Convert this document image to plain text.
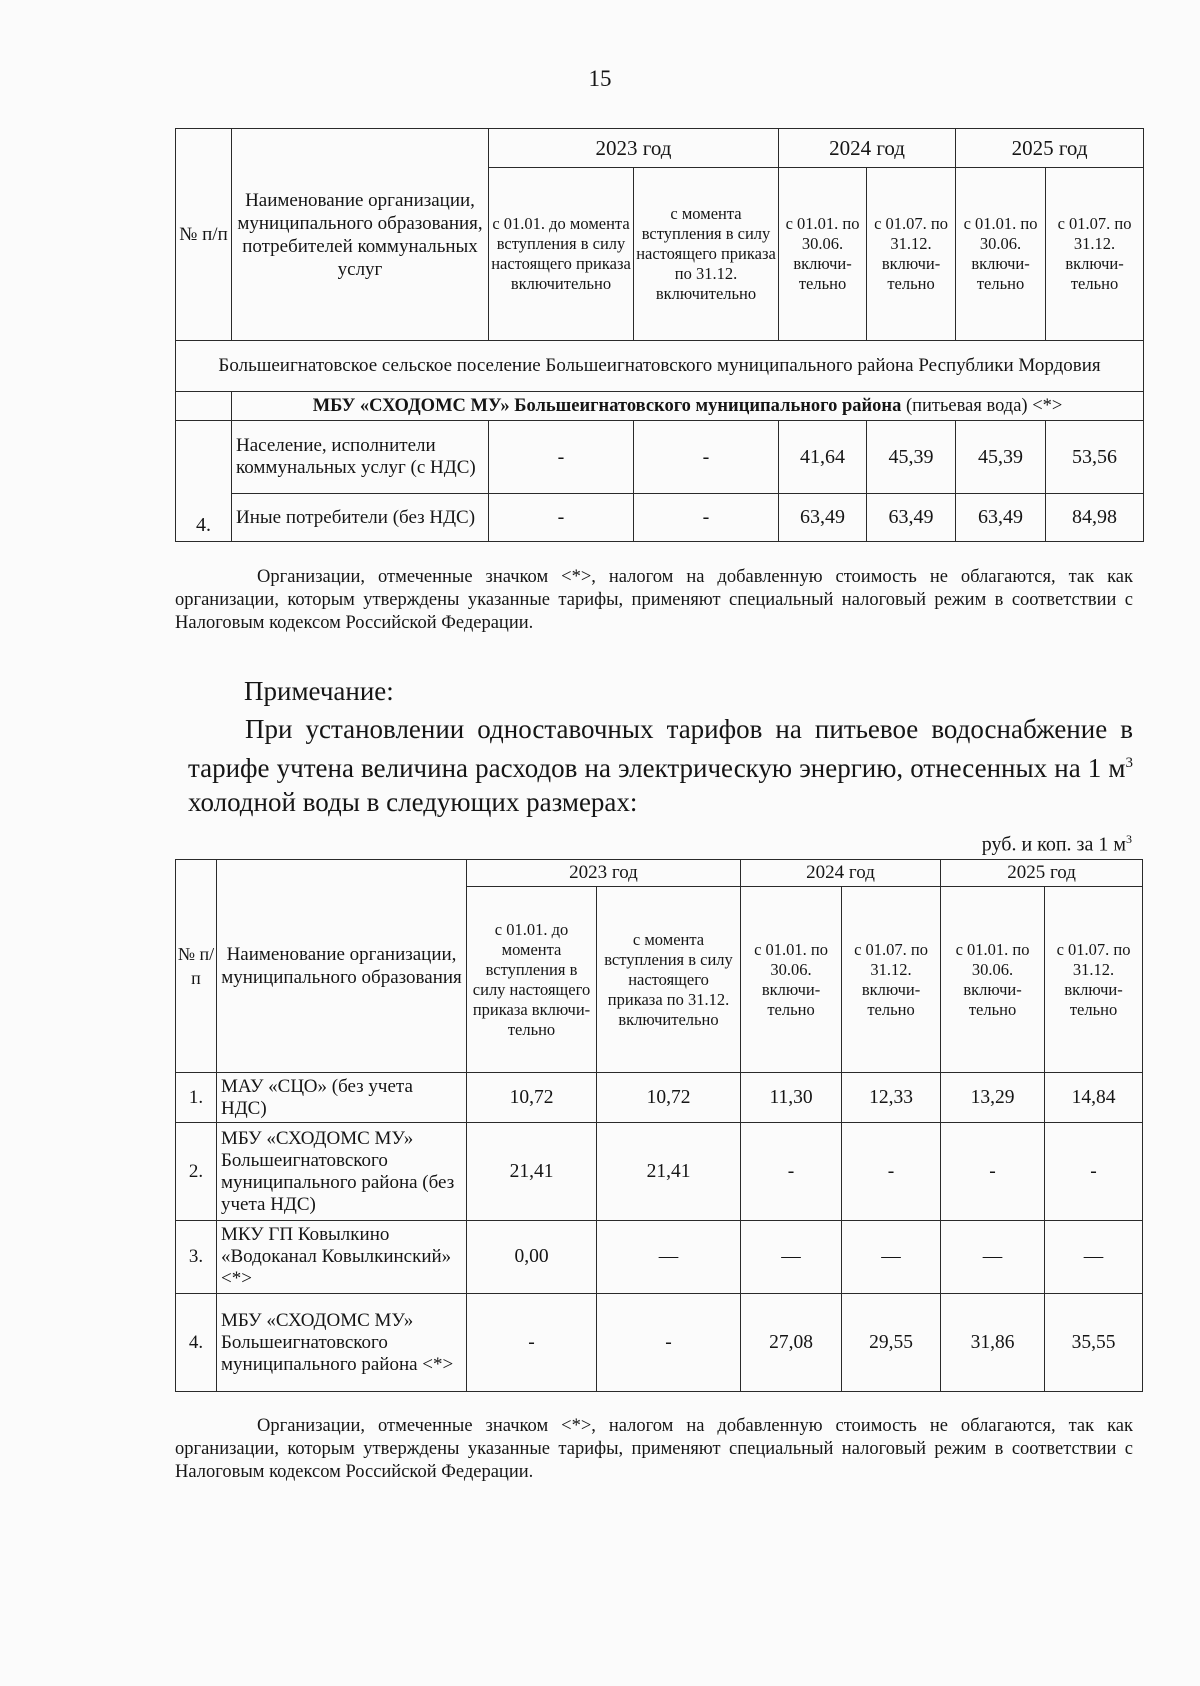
15
№ п/п	Наименование организации, муниципального образования, потребителей коммунальных услуг	2023 год		2024 год		2025 год	
		с 01.01. до момента вступления в силу настоящего приказа включительно	с момента вступления в силу настоящего приказа по 31.12. включительно	с 01.01. по 30.06. включи-тельно	с 01.07. по 31.12. включи-тельно	с 01.01. по 30.06. включи-тельно	с 01.07. по 31.12. включи-тельно
Большеигнатовское сельское поселение Большеигнатовского муниципального района Республики Мордовия							
	МБУ «СХОДОМС МУ» Большеигнатовского муниципального района (питьевая вода) <*>						
4.	Население, исполнители коммунальных услуг (с НДС)	-	-	41,64	45,39	45,39	53,56
	Иные потребители (без НДС)	-	-	63,49	63,49	63,49	84,98
Организации, отмеченные значком <*>, налогом на добавленную стоимость не облагаются, так как организации, которым утверждены указанные тарифы, применяют специальный налоговый режим в соответствии с Налоговым кодексом Российской Федерации.
Примечание:
При установлении одноставочных тарифов на питьевое водоснабжение в тарифе учтена величина расходов на электрическую энергию, отнесенных на 1 $м^3$ холодной воды в следующих размерах:
руб. и коп. за 1 $м^3$
№ п/ п	Наименование организации, муниципального образования	2023 год		2024 год		2025 год	
		с 01.01. до момента вступления в силу настоящего приказа включи-тельно	с момента вступления в силу настоящего приказа по 31.12. включительно	с 01.01. по 30.06. включи-тельно	с 01.07. по 31.12. включи-тельно	с 01.01. по 30.06. включи-тельно	с 01.07. по 31.12. включи-тельно
1.	МАУ «СЦО» (без учета НДС)	10,72	10,72	11,30	12,33	13,29	14,84
2.	МБУ «СХОДОМС МУ» Большеигнатовского муниципального района (без учета НДС)	21,41	21,41	-	-	-	-
3.	МКУ ГП Ковылкино «Водоканал Ковылкинский» <*>	0,00	—	—	—	—	—
4.	МБУ «СХОДОМС МУ» Большеигнатовского муниципального района <*>	-	-	27,08	29,55	31,86	35,55
Организации, отмеченные значком <*>, налогом на добавленную стоимость не облагаются, так как организации, которым утверждены указанные тарифы, применяют специальный налоговый режим в соответствии с Налоговым кодексом Российской Федерации.
